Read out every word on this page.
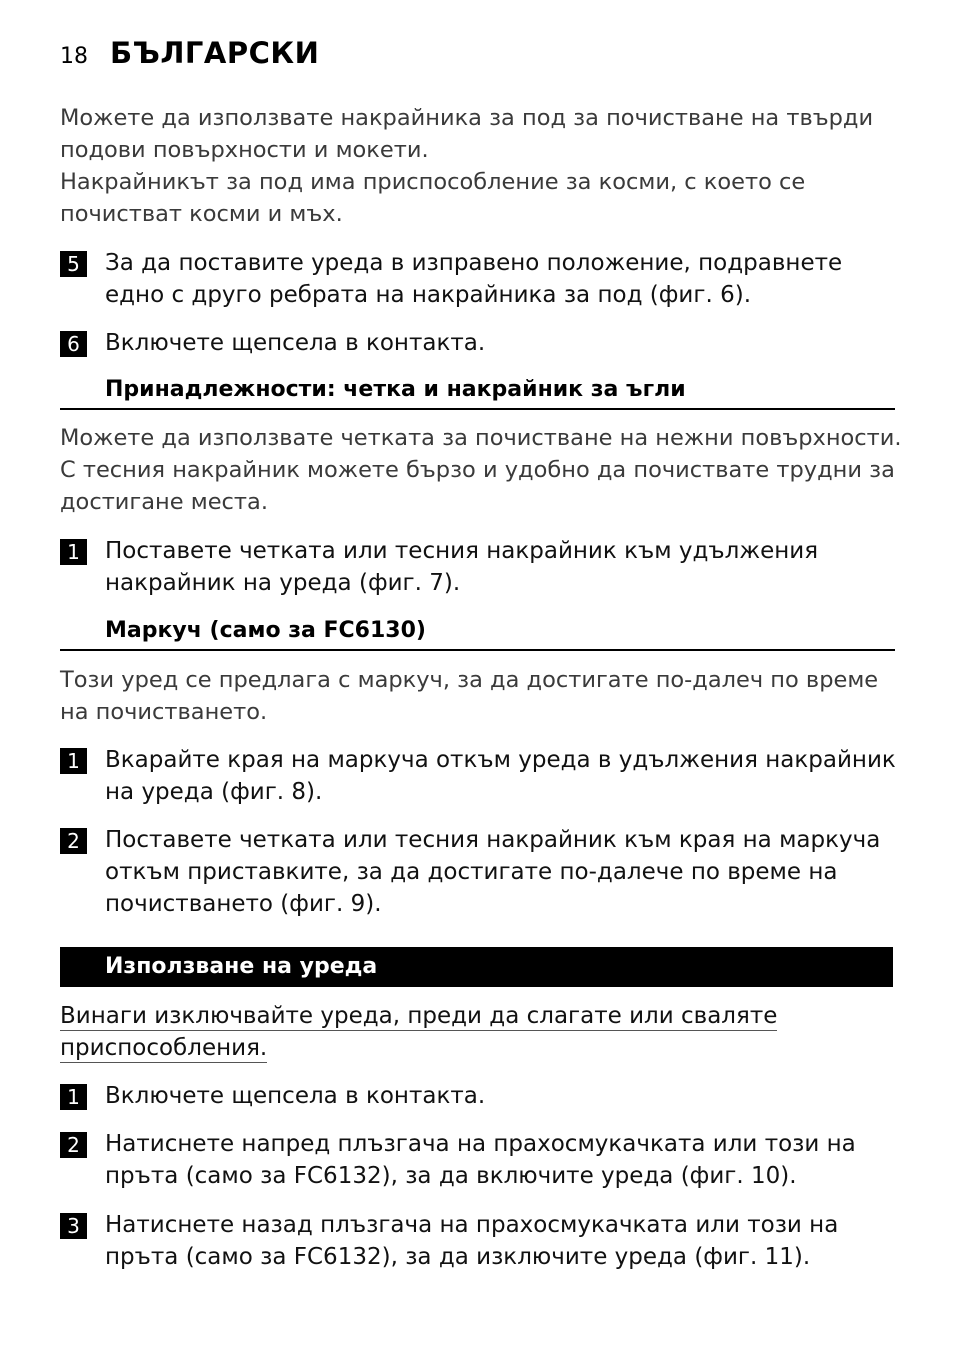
18 БЪЛГАРСКИ
Можете да използвате накрайника за под за почистване на твърди подови повърхности и мокети.
Накрайникът за под има приспособление за косми, с което се почистват косми и мъх.
5	За да поставите уреда в изправено положение, подравнете едно с друго ребрата на накрайника за под (фиг. 6).
6	Включете щепсела в контакта.
Принадлежности: четка и накрайник за ъгли
Можете да използвате четката за почистване на нежни повърхности. С тесния накрайник можете бързо и удобно да почиствате трудни за достигане места.
1	Поставете четката или тесния накрайник към удължения накрайник на уреда (фиг. 7).
Маркуч (само за FC6130)
Този уред се предлага с маркуч, за да достигате по-далеч по време на почистването.
1	Вкарайте края на маркуча откъм уреда в удължения накрайник на уреда (фиг. 8).
2	Поставете четката или тесния накрайник към края на маркуча откъм приставките, за да достигате по-далече по време на почистването (фиг. 9).
Използване на уреда
Винаги изключвайте уреда, преди да слагате или сваляте приспособления.
1	Включете щепсела в контакта.
2	Натиснете напред плъзгача на прахосмукачката или този на пръта (само за FC6132), за да включите уреда (фиг. 10).
3	Натиснете назад плъзгача на прахосмукачката или този на пръта (само за FC6132), за да изключите уреда (фиг. 11).
